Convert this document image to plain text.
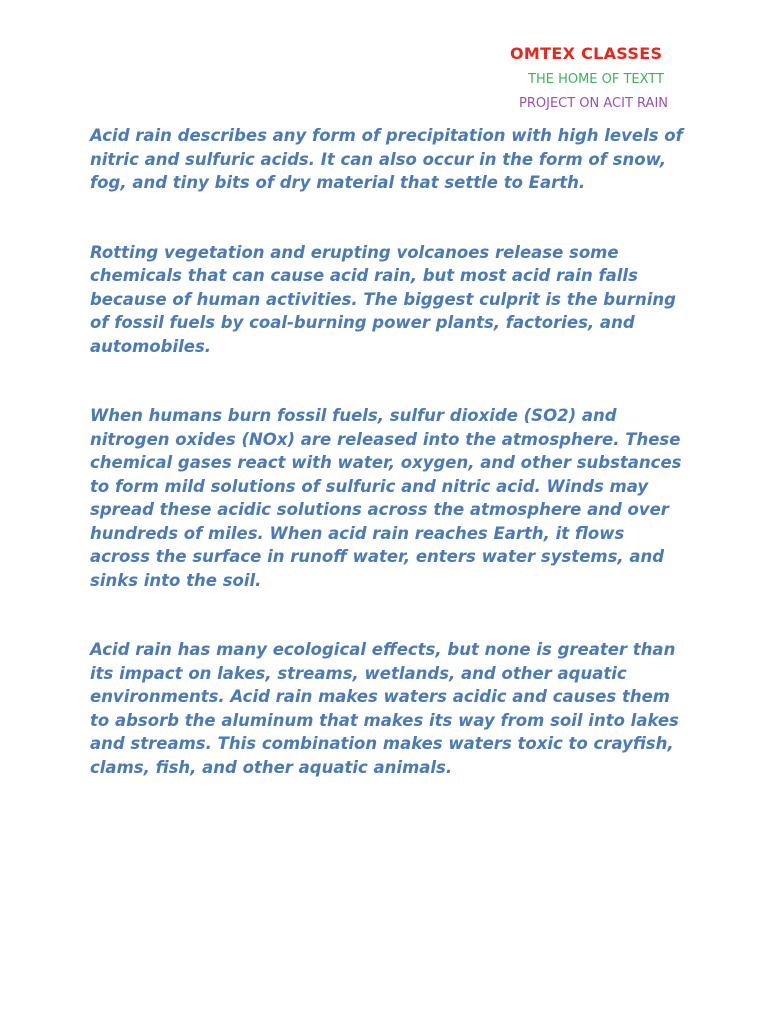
OMTEX CLASSES
THE HOME OF TEXTT
PROJECT ON ACIT RAIN

Acid rain describes any form of precipitation with high levels of nitric and sulfuric acids. It can also occur in the form of snow, fog, and tiny bits of dry material that settle to Earth.

Rotting vegetation and erupting volcanoes release some chemicals that can cause acid rain, but most acid rain falls because of human activities. The biggest culprit is the burning of fossil fuels by coal-burning power plants, factories, and automobiles.

When humans burn fossil fuels, sulfur dioxide (SO2) and nitrogen oxides (NOx) are released into the atmosphere. These chemical gases react with water, oxygen, and other substances to form mild solutions of sulfuric and nitric acid. Winds may spread these acidic solutions across the atmosphere and over hundreds of miles. When acid rain reaches Earth, it flows across the surface in runoff water, enters water systems, and sinks into the soil.

Acid rain has many ecological effects, but none is greater than its impact on lakes, streams, wetlands, and other aquatic environments. Acid rain makes waters acidic and causes them to absorb the aluminum that makes its way from soil into lakes and streams. This combination makes waters toxic to crayfish, clams, fish, and other aquatic animals.
